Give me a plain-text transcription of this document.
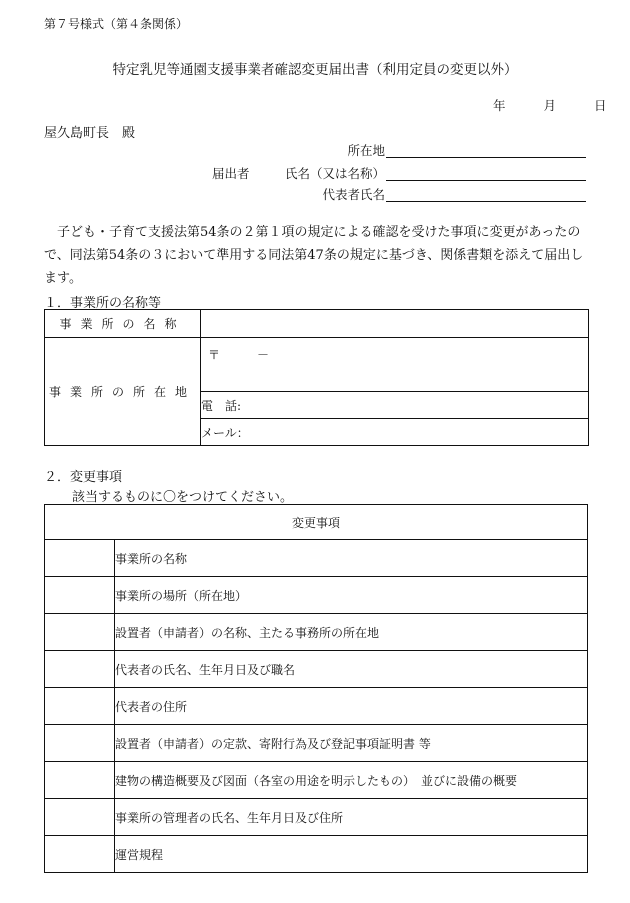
第７号様式（第４条関係）
特定乳児等通園支援事業者確認変更届出書（利用定員の変更以外）
年	月	日
屋久島町長　殿
所在地
届出者	氏名（又は名称）
代表者氏名
子ども・子育て支援法第54条の２第１項の規定による確認を受けた事項に変更があったので、同法第54条の３において準用する同法第47条の規定に基づき、関係書類を添えて届出します。
１．事業所の名称等
事業所の名称	
事業所の所在地	〒 －

	電　話:
	メール：
２．変更事項
該当するものに〇をつけてください。
変更事項	
	事業所の名称
	事業所の場所（所在地）
	設置者（申請者）の名称、主たる事務所の所在地
	代表者の氏名、生年月日及び職名
	代表者の住所
	設置者（申請者）の定款、寄附行為及び登記事項証明書 等
	建物の構造概要及び図面（各室の用途を明示したもの）　並びに設備の概要
	事業所の管理者の氏名、生年月日及び住所
	運営規程
